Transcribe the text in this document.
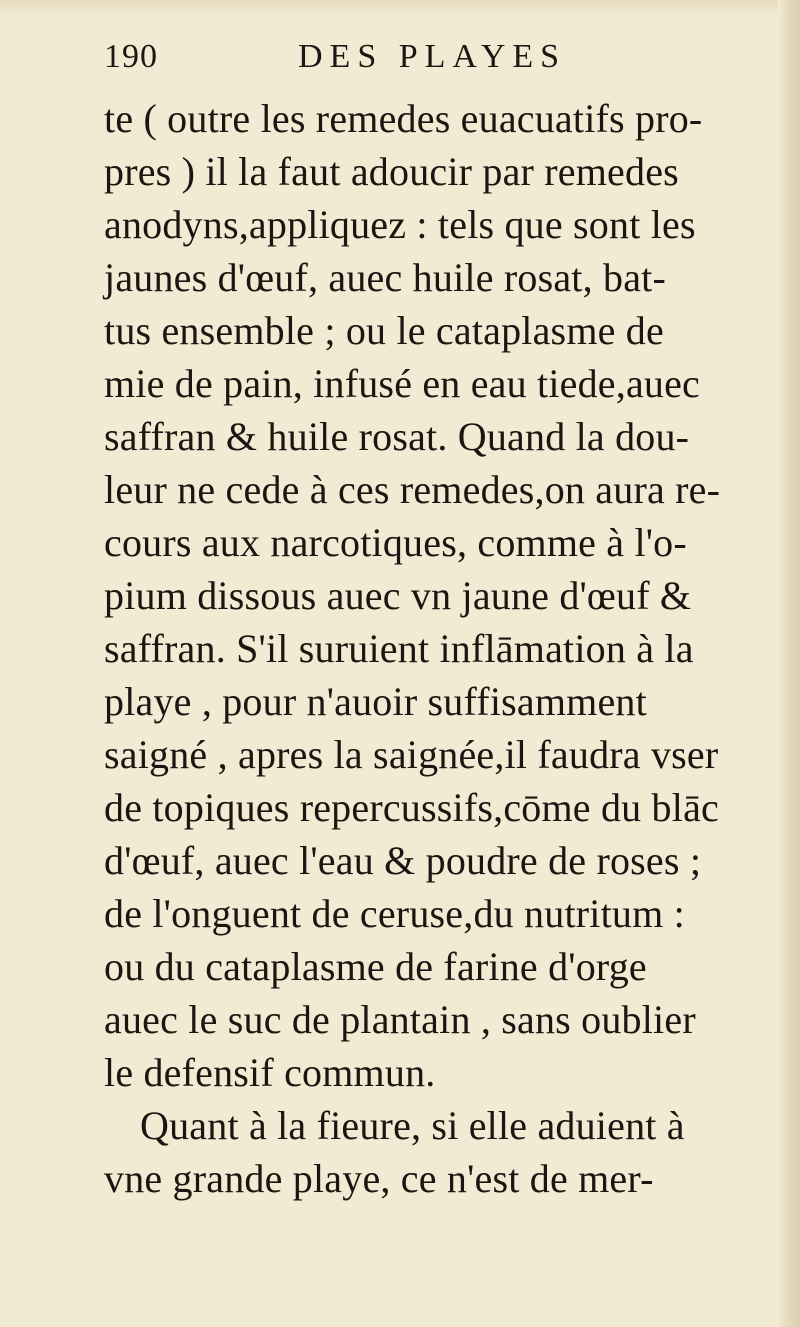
190	DES PLAYES
te ( outre les remedes euacuatifs pro-
pres ) il la faut adoucir par remedes
anodyns,appliquez : tels que sont les
jaunes d'œuf, auec huile rosat, bat-
tus ensemble ; ou le cataplasme de
mie de pain, infusé en eau tiede,auec
saffran & huile rosat. Quand la dou-
leur ne cede à ces remedes,on aura re-
cours aux narcotiques, comme à l'o-
pium dissous auec vn jaune d'œuf &
saffran. S'il suruient inflāmation à la
playe , pour n'auoir suffisamment
saigné , apres la saignée,il faudra vser
de topiques repercussifs,cōme du blāc
d'œuf, auec l'eau & poudre de roses ;
de l'onguent de ceruse,du nutritum :
ou du cataplasme de farine d'orge
auec le suc de plantain , sans oublier
le defensif commun.
Quant à la fieure, si elle aduient à
vne grande playe, ce n'est de mer-
